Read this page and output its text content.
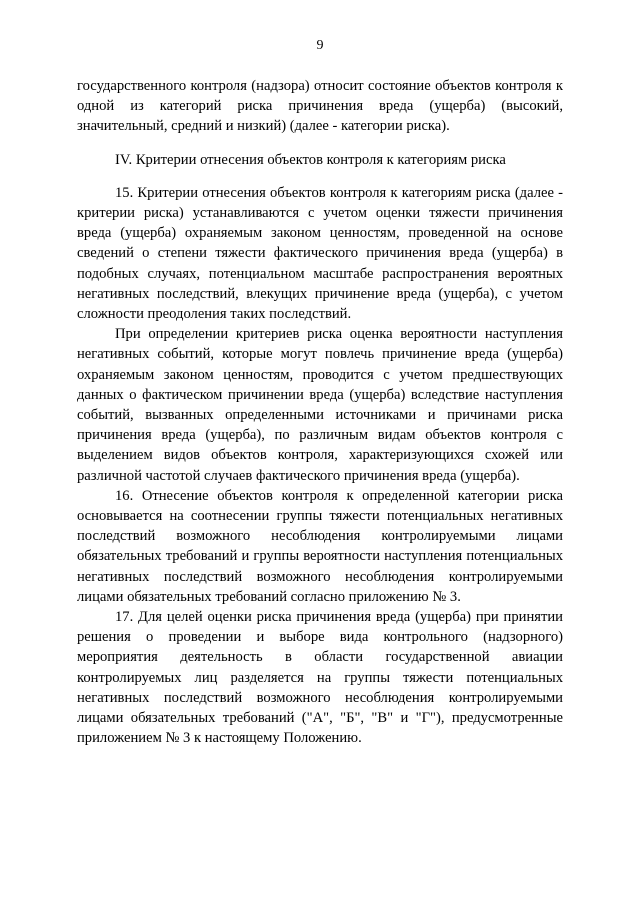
9

государственного контроля (надзора) относит состояние объектов контроля к одной из категорий риска причинения вреда (ущерба) (высокий, значительный, средний и низкий) (далее - категории риска).

IV. Критерии отнесения объектов контроля к категориям риска

15. Критерии отнесения объектов контроля к категориям риска (далее - критерии риска) устанавливаются с учетом оценки тяжести причинения вреда (ущерба) охраняемым законом ценностям, проведенной на основе сведений о степени тяжести фактического причинения вреда (ущерба) в подобных случаях, потенциальном масштабе распространения вероятных негативных последствий, влекущих причинение вреда (ущерба), с учетом сложности преодоления таких последствий.

При определении критериев риска оценка вероятности наступления негативных событий, которые могут повлечь причинение вреда (ущерба) охраняемым законом ценностям, проводится с учетом предшествующих данных о фактическом причинении вреда (ущерба) вследствие наступления событий, вызванных определенными источниками и причинами риска причинения вреда (ущерба), по различным видам объектов контроля с выделением видов объектов контроля, характеризующихся схожей или различной частотой случаев фактического причинения вреда (ущерба).

16. Отнесение объектов контроля к определенной категории риска основывается на соотнесении группы тяжести потенциальных негативных последствий возможного несоблюдения контролируемыми лицами обязательных требований и группы вероятности наступления потенциальных негативных последствий возможного несоблюдения контролируемыми лицами обязательных требований согласно приложению № 3.

17. Для целей оценки риска причинения вреда (ущерба) при принятии решения о проведении и выборе вида контрольного (надзорного) мероприятия деятельность в области государственной авиации контролируемых лиц разделяется на группы тяжести потенциальных негативных последствий возможного несоблюдения контролируемыми лицами обязательных требований ("А", "Б", "В" и "Г"), предусмотренные приложением № 3 к настоящему Положению.
